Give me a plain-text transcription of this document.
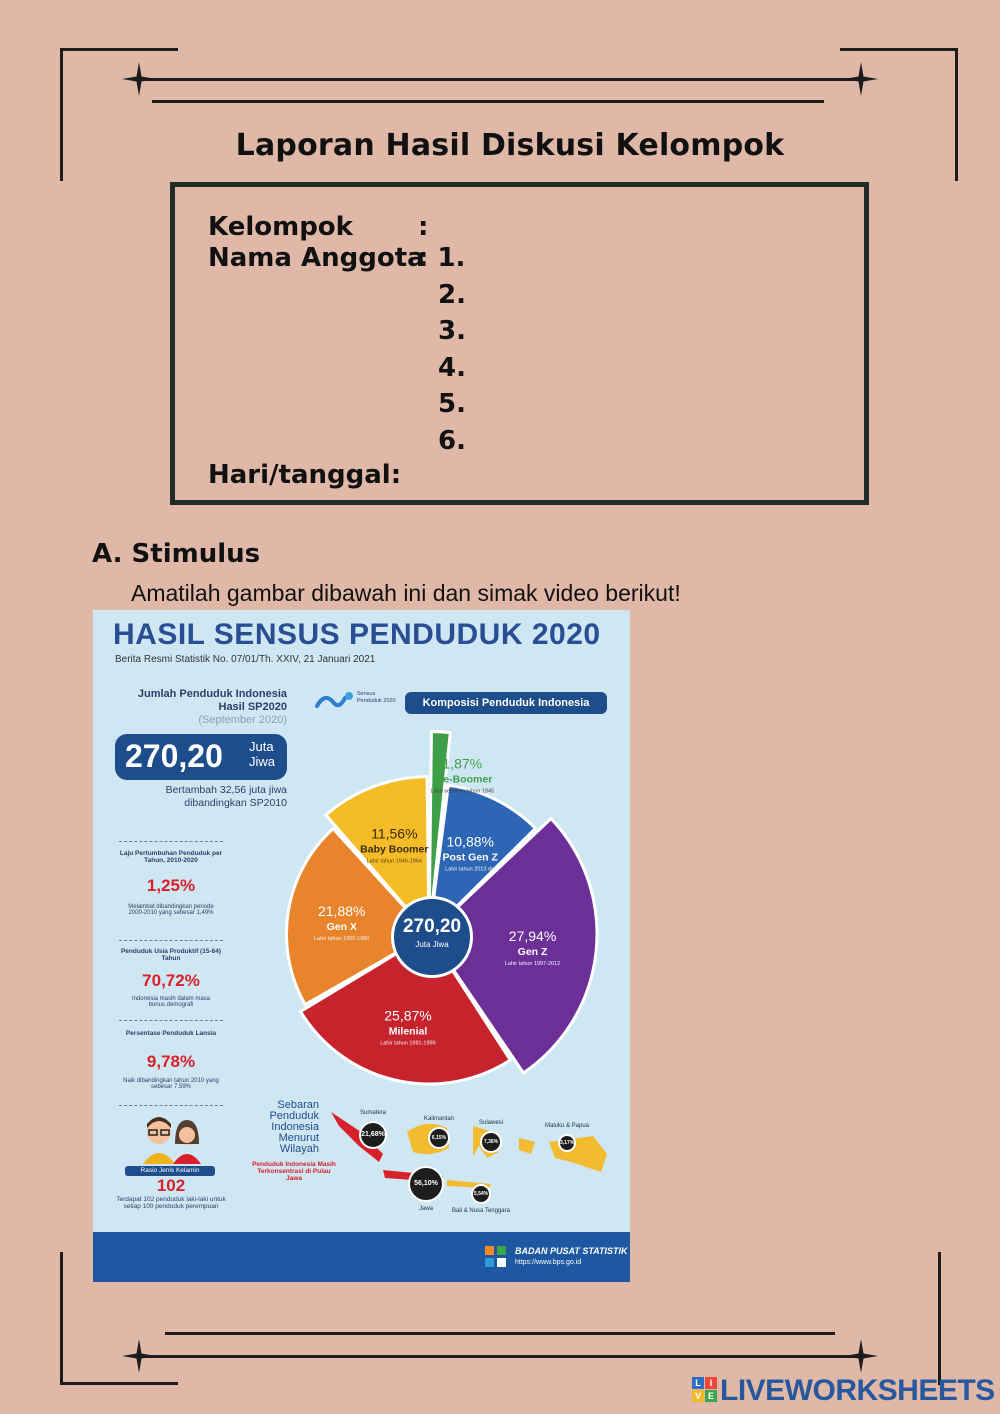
Laporan Hasil Diskusi Kelompok
Kelompok	:
Nama Anggota
: 1.
2.
3.
4.
5.
6.
Hari/tanggal:
A. Stimulus
Amatilah gambar dibawah ini dan simak video berikut!
HASIL SENSUS PENDUDUK 2020
Berita Resmi Statistik No. 07/01/Th. XXIV, 21 Januari 2021
Jumlah Penduduk Indonesia
Hasil SP2020
(September 2020)
270,20 Juta
Jiwa
Bertambah 32,56 juta jiwa
dibandingkan SP2010
Laju Pertumbuhan Penduduk per Tahun, 2010-2020
1,25%
Melambat dibandingkan periode 2000-2010 yang sebesar 1,49%
Penduduk Usia Produktif (15-64) Tahun
70,72%
Indonesia masih dalam masa bonus demografi
Persentase Penduduk Lansia
9,78%
Naik dibandingkan tahun 2010 yang sebesar 7,59%
Rasio Jenis Kelamin
102
Terdapat 102 penduduk laki-laki untuk setiap 100 penduduk perempuan
Sensus Penduduk 2020	Komposisi Penduduk Indonesia
1,87%
Pre-Boomer
Lahir sebelum tahun 1945
10,88%
Post Gen Z
Lahir tahun 2013 dst
27,94%
Gen Z
Lahir tahun 1997-2012
25,87%
Milenial
Lahir tahun 1981-1996
21,88%
Gen X
Lahir tahun 1965-1980
11,56%
Baby Boomer
Lahir tahun 1946-1964
270,20
Juta Jiwa
Sebaran Penduduk Indonesia Menurut Wilayah
Penduduk Indonesia Masih Terkonsentrasi di Pulau Jawa
21,68%
Sumatera
6,15%
Kalimantan
7,36%
Sulawesi
3,17%
Maluku & Papua
56,10%
Jawa
5,54%
Bali & Nusa Tenggara
BADAN PUSAT STATISTIK
https://www.bps.go.id
L I
V E LIVEWORKSHEETS
